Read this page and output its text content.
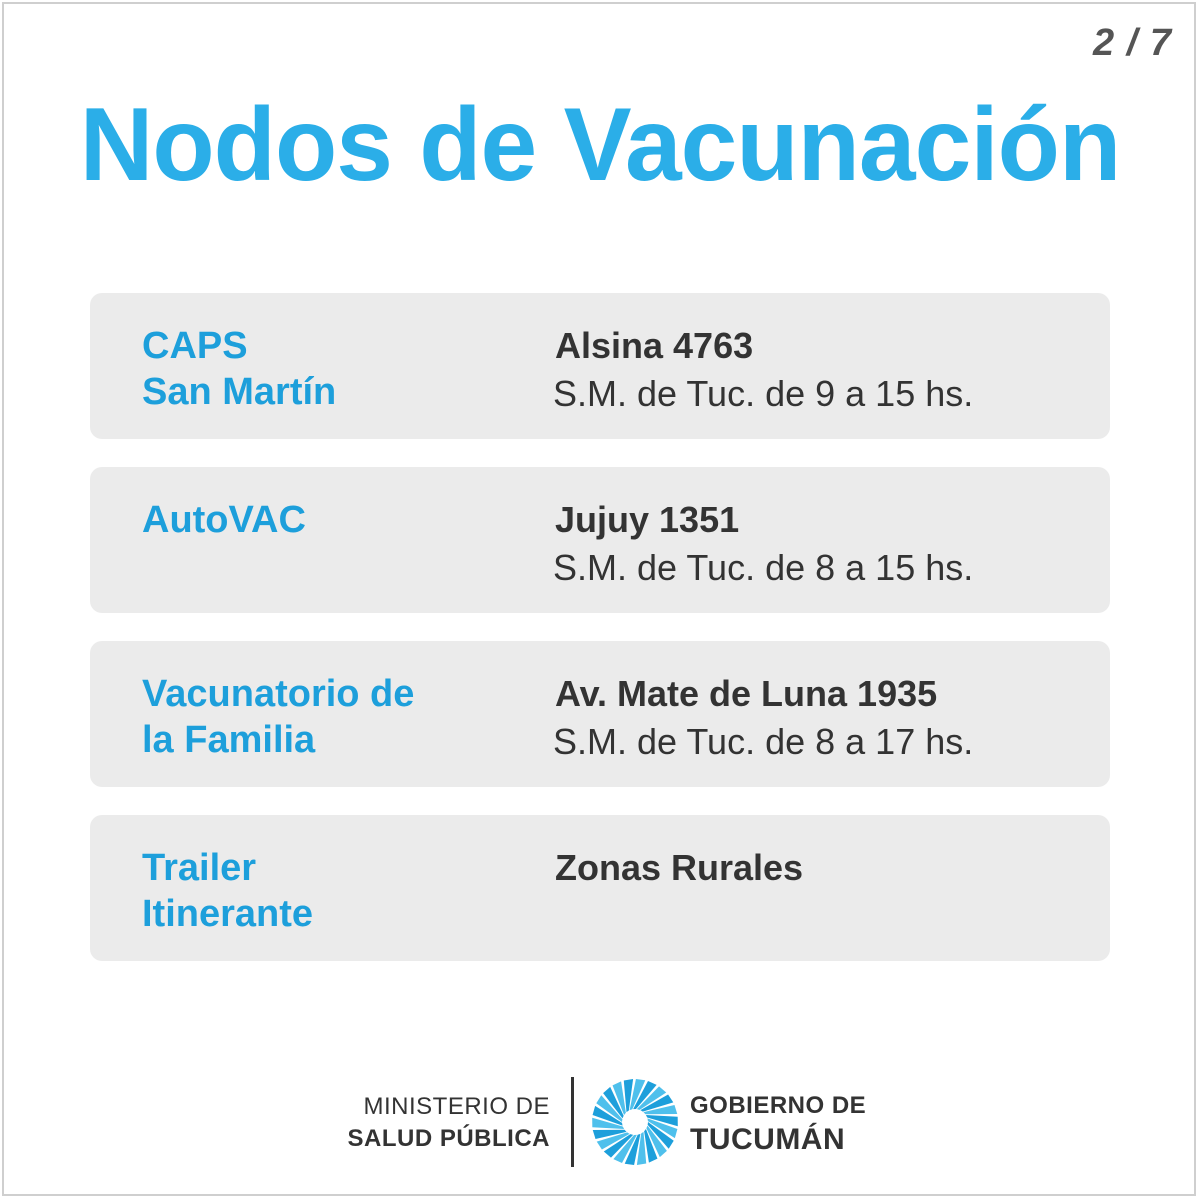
2 / 7
Nodos de Vacunación
CAPS
San Martín
Alsina 4763
S.M. de Tuc. de 9 a 15 hs.
AutoVAC	Jujuy 1351
S.M. de Tuc. de 8 a 15 hs.
Vacunatorio de
la Familia
Av. Mate de Luna 1935
S.M. de Tuc. de 8 a 17 hs.
Trailer
Itinerante
Zonas Rurales
MINISTERIO DE
SALUD PÚBLICA
GOBIERNO DE
TUCUMÁN
